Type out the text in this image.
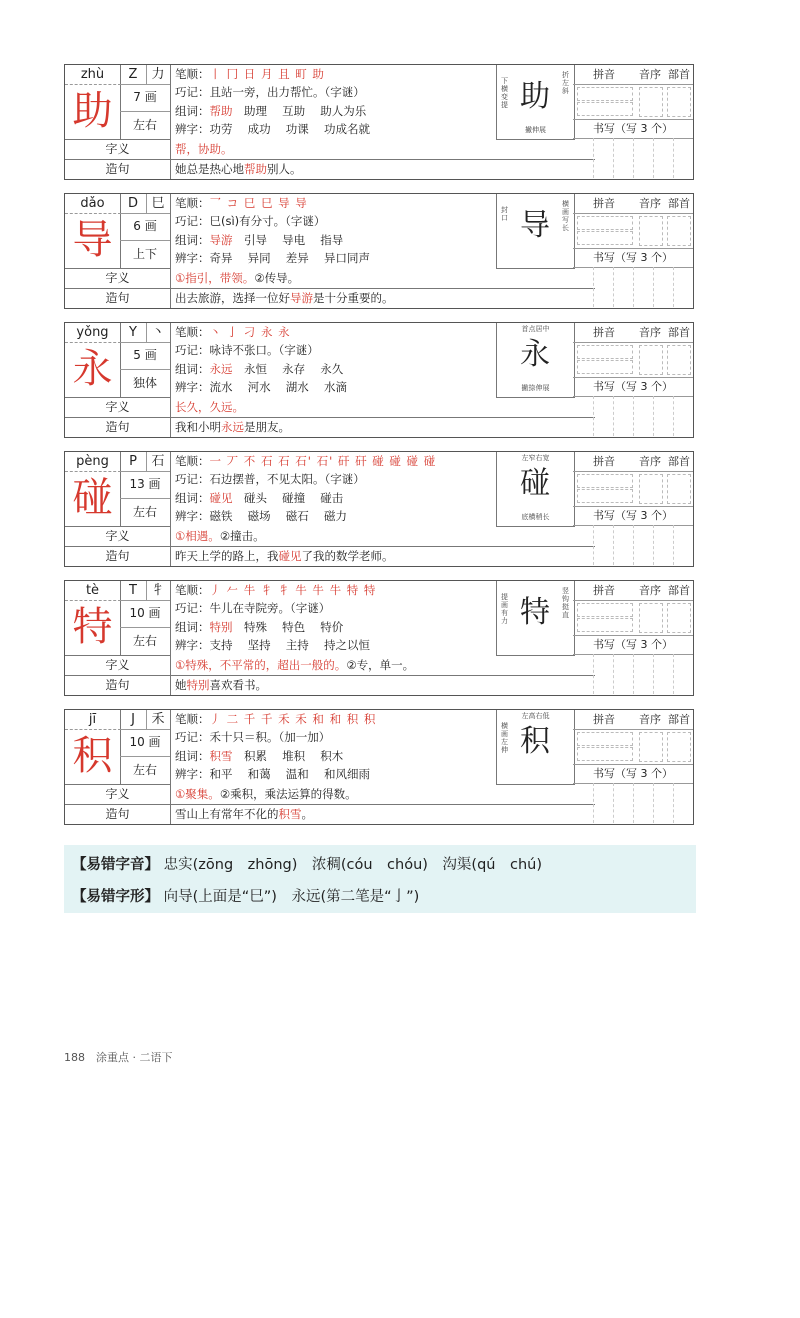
zhù
助
Z	力
7 画
左右
笔顺：丨 冂 日 月 且 町 助
巧记：且站一旁，出力帮忙。（字谜）
组词：帮助　助理　 互助　 助人为乐
辨字：功劳　 成功　 功课　 功成名就
字义	帮，协助。
造句	她总是热心地帮助别人。
助
撇伸展
下横变提
折左斜
拼音	音序 部首
书写（写 3 个）
dǎo
导
D	巳
6 画
上下
笔顺：乛 コ 巳 巳 导 导
巧记：巳(sì)有分寸。（字谜）
组词：导游　引导　 导电　 指导
辨字：奇异　 异同　 差异　 异口同声
字义	①指引，带领。②传导。
造句	出去旅游，选择一位好导游是十分重要的。
导
封口
横画写长
拼音	音序 部首
书写（写 3 个）
yǒng
永
Y	丶
5 画
独体
笔顺：丶 亅 刁 永 永
巧记：咏诗不张口。（字谜）
组词：永远　永恒　 永存　 永久
辨字：流水　 河水　 湖水　 水滴
字义	长久，久远。
造句	我和小明永远是朋友。
首点居中
永
撇捺伸展
拼音	音序 部首
书写（写 3 个）
pèng
碰
P	石
13 画
左右
笔顺：一 丆 不 石 石 石' 石' 矸 矸 碰 碰 碰 碰
巧记：石边摆普，不见太阳。（字谜）
组词：碰见　碰头　 碰撞　 碰击
辨字：磁铁　 磁场　 磁石　 磁力
字义	①相遇。②撞击。
造句	昨天上学的路上，我碰见了我的数学老师。
左窄右宽
碰
底横稍长
拼音	音序 部首
书写（写 3 个）
tè
特
T	牜
10 画
左右
笔顺：丿 𠂉 牛 牜 牜 牛 牛 牛 特 特
巧记：牛儿在寺院旁。（字谜）
组词：特别　特殊　 特色　 特价
辨字：支持　 坚持　 主持　 持之以恒
字义	①特殊，不平常的，超出一般的。②专，单一。
造句	她特别喜欢看书。
特
提画有力
竖钩挺直
拼音	音序 部首
书写（写 3 个）
jī
积
J	禾
10 画
左右
笔顺：丿 二 千 千 禾 禾 和 和 积 积
巧记：禾十只＝积。（加一加）
组词：积雪　积累　 堆积　 积木
辨字：和平　 和蔼　 温和　 和风细雨
字义	①聚集。②乘积，乘法运算的得数。
造句	雪山上有常年不化的积雪。
左高右低
积
横画左伸
拼音	音序 部首
书写（写 3 个）
【易错字音】 忠实(zōng　zhōng)　浓稠(cóu　chóu)　沟渠(qú　chú)
【易错字形】 向导(上面是“巳”)　永远(第二笔是“亅”)
188　涂重点 · 二语下
